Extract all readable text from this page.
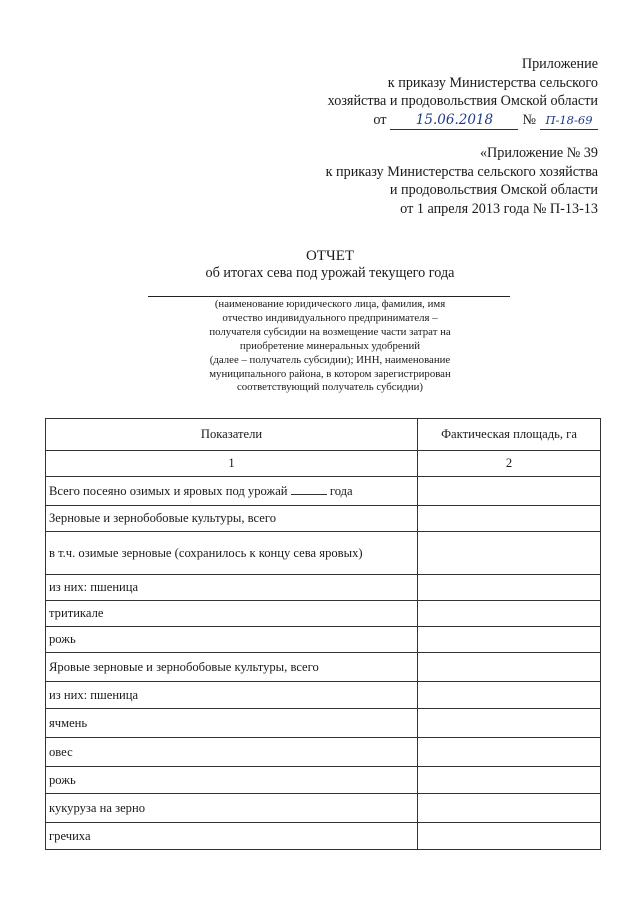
Приложение
к приказу Министерства сельского
хозяйства и продовольствия Омской области
от	15.06.2018	№ П-18-69
«Приложение № 39
к приказу Министерства сельского хозяйства
и продовольствия Омской области
от 1 апреля 2013 года № П-13-13
ОТЧЕТ
об итогах сева под урожай текущего года
(наименование юридического лица, фамилия, имя
отчество индивидуального предпринимателя –
получателя субсидии на возмещение части затрат на
приобретение минеральных удобрений
(далее – получатель субсидии); ИНН, наименование
муниципального района, в котором зарегистрирован
соответствующий получатель субсидии)
Показатели	Фактическая площадь, га
1	2
Всего посеяно озимых и яровых под урожай года	
Зерновые и зернобобовые культуры, всего	
в т.ч. озимые зерновые (сохранилось к концу сева яровых)	
из них: пшеница	
тритикале	
рожь	
Яровые зерновые и зернобобовые культуры, всего	
из них: пшеница	
ячмень	
овес	
рожь	
кукуруза на зерно	
гречиха	
